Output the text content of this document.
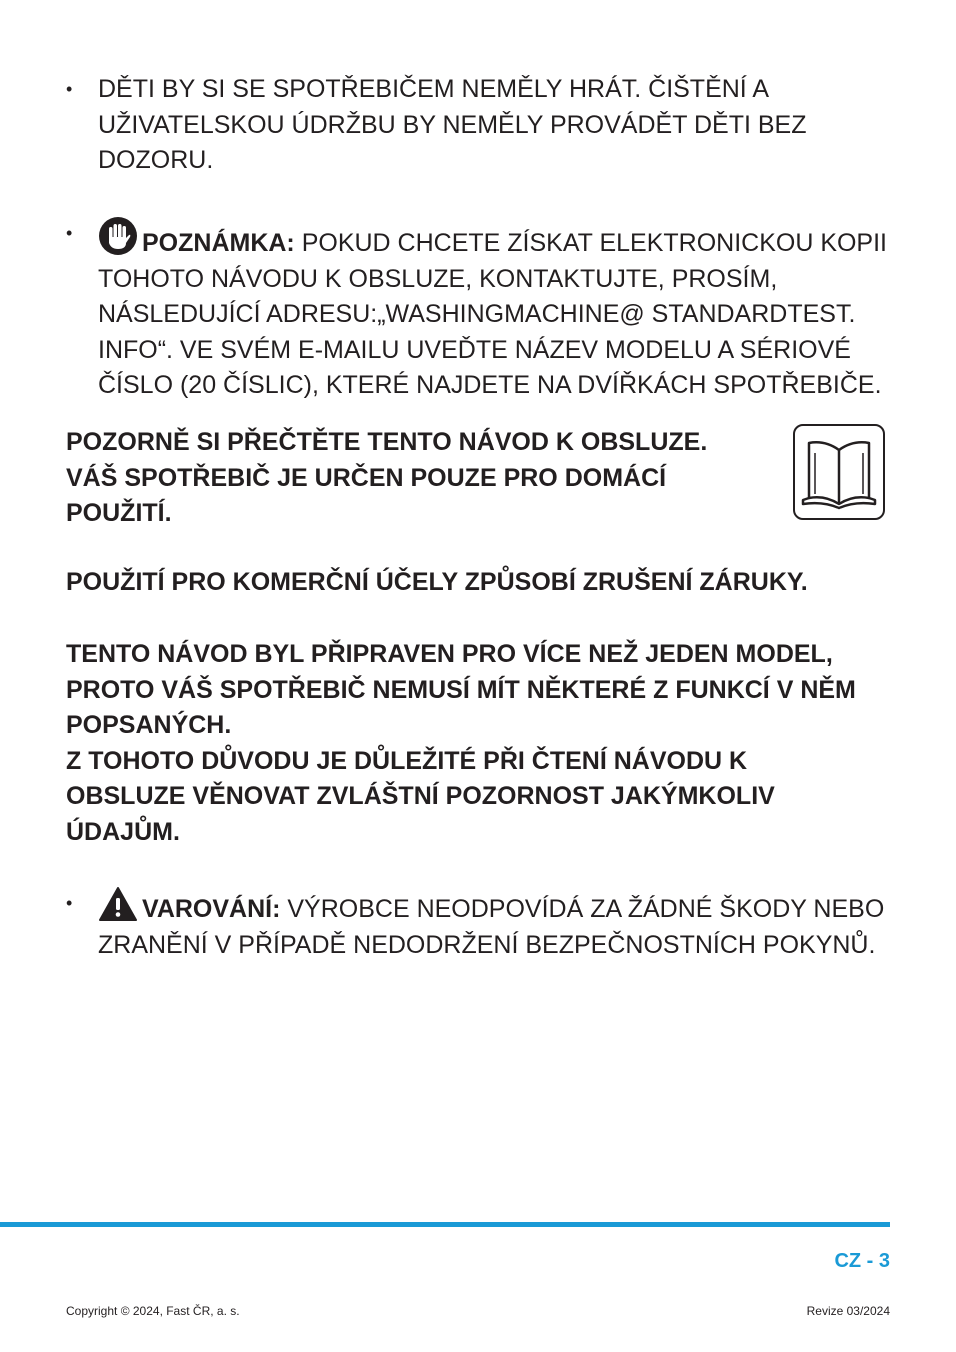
•	DĚTI BY SI SE SPOTŘEBIČEM NEMĚLY HRÁT. ČIŠTĚNÍ A UŽIVATELSKOU ÚDRŽBU BY NEMĚLY PROVÁDĚT DĚTI BEZ DOZORU.
•	POZNÁMKA: POKUD CHCETE ZÍSKAT ELEKTRONICKOU KOPII TOHOTO NÁVODU K OBSLUZE, KONTAKTUJTE, PROSÍM, NÁSLEDUJÍCÍ ADRESU:„WASHINGMACHINE@ STANDARDTEST. INFO“. VE SVÉM E-MAILU UVEĎTE NÁZEV MODELU A SÉRIOVÉ ČÍSLO (20 ČÍSLIC), KTERÉ NAJDETE NA DVÍŘKÁCH SPOTŘEBIČE.
POZORNĚ SI PŘEČTĚTE TENTO NÁVOD K OBSLUZE.
VÁŠ SPOTŘEBIČ JE URČEN POUZE PRO DOMÁCÍ POUŽITÍ.
POUŽITÍ PRO KOMERČNÍ ÚČELY ZPŮSOBÍ ZRUŠENÍ ZÁRUKY.
TENTO NÁVOD BYL PŘIPRAVEN PRO VÍCE NEŽ JEDEN MODEL, PROTO VÁŠ SPOTŘEBIČ NEMUSÍ MÍT NĚKTERÉ Z FUNKCÍ V NĚM POPSANÝCH.
Z TOHOTO DŮVODU JE DŮLEŽITÉ PŘI ČTENÍ NÁVODU K OBSLUZE VĚNOVAT ZVLÁŠTNÍ POZORNOST JAKÝMKOLIV ÚDAJŮM.
•	VAROVÁNÍ: VÝROBCE NEODPOVÍDÁ ZA ŽÁDNÉ ŠKODY NEBO ZRANĚNÍ V PŘÍPADĚ NEDODRŽENÍ BEZPEČNOSTNÍCH POKYNŮ.
CZ - 3
Copyright © 2024, Fast ČR, a. s.	Revize 03/2024
